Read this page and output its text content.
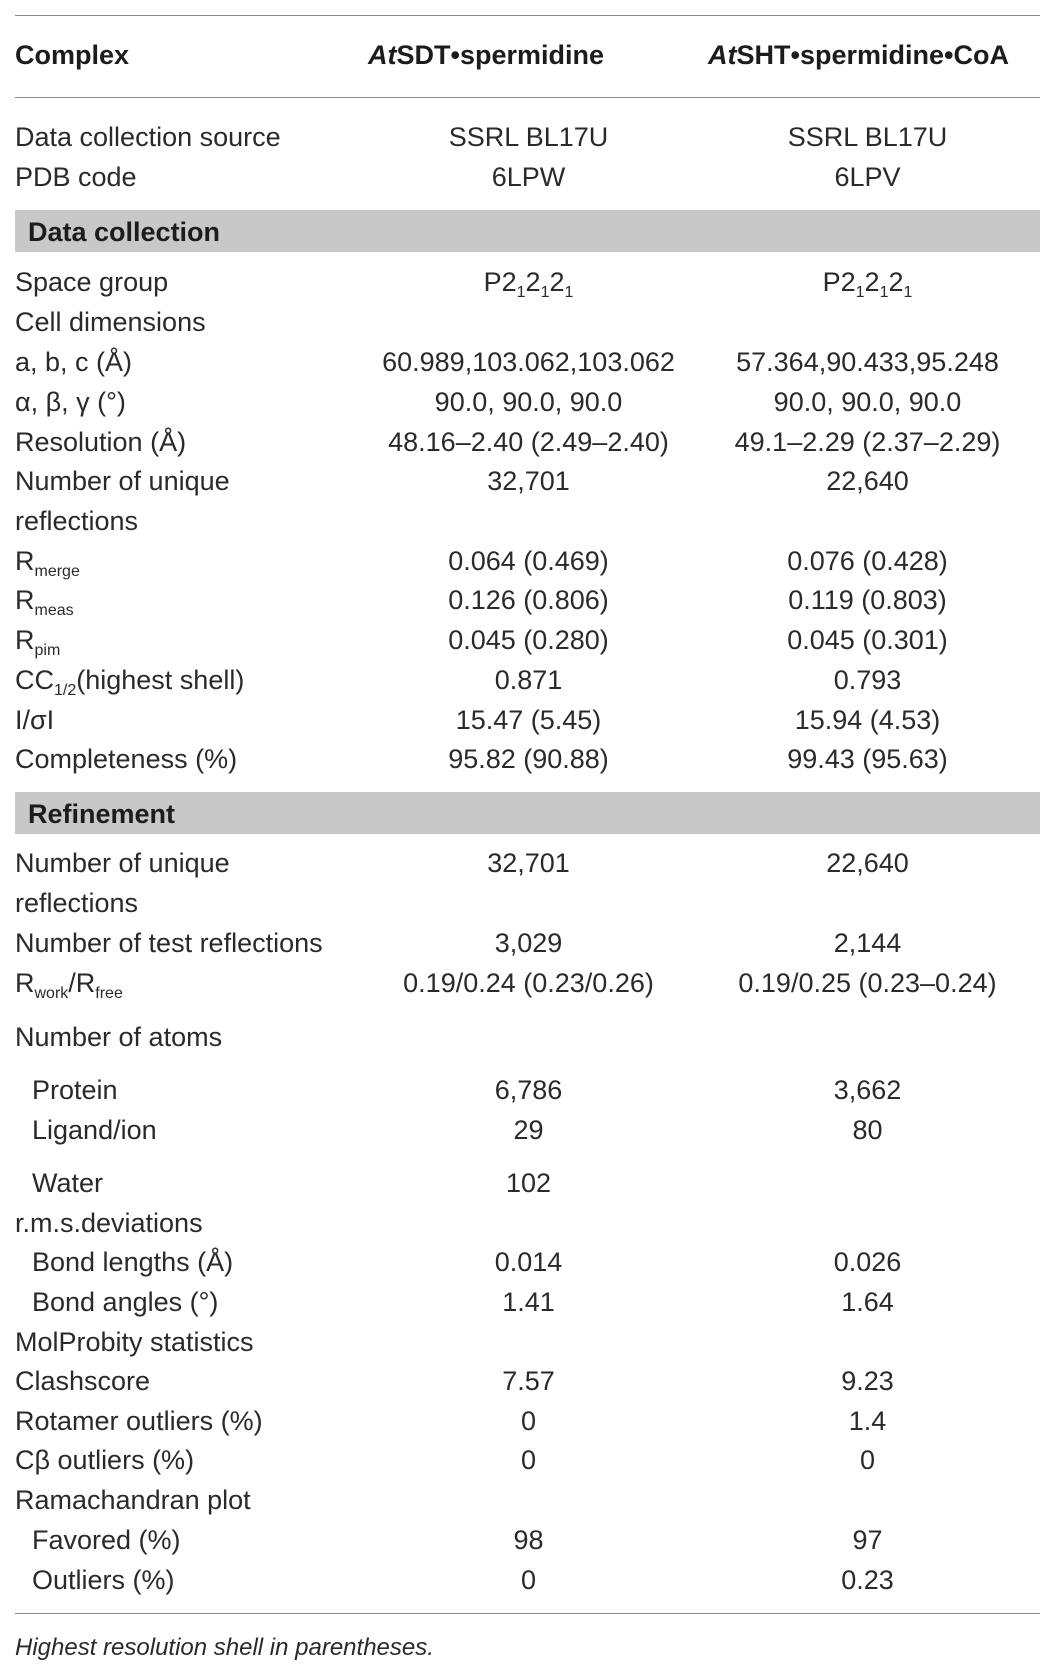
Complex	AtSDT•spermidine	AtSHT•spermidine•CoA
Data collection source	SSRL BL17U	SSRL BL17U
PDB code	6LPW	6LPV
Data collection
Space group	$P2_12_12_1$	$P2_12_12_1$
Cell dimensions
a, b, c (Å)	60.989,103.062,103.062	57.364,90.433,95.248
α, β, γ (°)	90.0, 90.0, 90.0	90.0, 90.0, 90.0
Resolution (Å)	48.16–2.40 (2.49–2.40)	49.1–2.29 (2.37–2.29)
Number of unique	32,701	22,640
reflections
$R_{merge}$	0.064 (0.469)	0.076 (0.428)
$R_{meas}$	0.126 (0.806)	0.119 (0.803)
$R_{pim}$	0.045 (0.280)	0.045 (0.301)
$CC_{1/2}(highest$ shell)	0.871	0.793
I/σI	15.47 (5.45)	15.94 (4.53)
Completeness (%)	95.82 (90.88)	99.43 (95.63)
Refinement
Number of unique	32,701	22,640
reflections
Number of test reflections	3,029	2,144
$R_{work}/R_{free}$	0.19/0.24 (0.23/0.26)	0.19/0.25 (0.23–0.24)
Number of atoms
Protein	6,786	3,662
Ligand/ion	29	80
Water	102
r.m.s.deviations
Bond lengths (Å)	0.014	0.026
Bond angles (°)	1.41	1.64
MolProbity statistics
Clashscore	7.57	9.23
Rotamer outliers (%)	0	1.4
Cβ outliers (%)	0	0
Ramachandran plot
Favored (%)	98	97
Outliers (%)	0	0.23
Highest resolution shell in parentheses.
